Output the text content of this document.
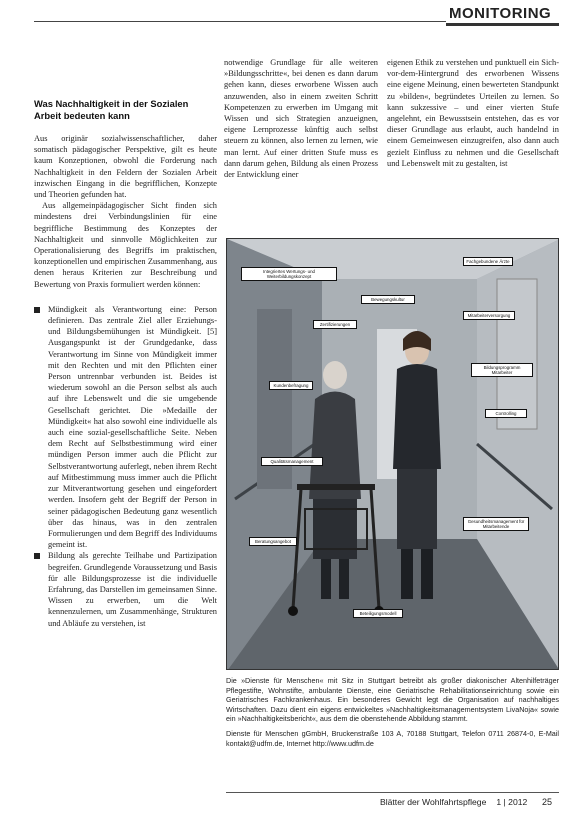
MONITORING
Was Nachhaltigkeit in der Sozialen Arbeit bedeuten kann

Aus originär sozialwissenschaftlicher, daher somatisch pädagogischer Perspektive, gilt es heute kaum Konzeptionen, obwohl die Forderung nach Nachhaltigkeit in den Feldern der Sozialen Arbeit inzwischen Eingang in die begrifflichen, Konzepte und Theorien gefunden hat.

Aus allgemeinpädagogischer Sicht finden sich mindestens drei Verbindungslinien für eine begriffliche Bestimmung des Konzeptes der Nachhaltigkeit und sinnvolle Möglichkeiten zur Operationalisierung des Begriffs im praktischen, konzeptionellen und empirischen Zusammenhang, aus denen heraus Kriterien zur Beschreibung und Bewertung von Praxis formuliert werden können:

Mündigkeit als Verantwortung eine: Person definieren. Das zentrale Ziel aller Erziehungs- und Bildungsbemühungen ist Mündigkeit. [5] Ausgangspunkt ist der Grundgedanke, dass Verantwortung im Sinne von Mündigkeit immer mit den Rechten und mit den Pflichten einer Person untrennbar verbunden ist. Beides ist wiederum sowohl an die Person selbst als auch auf ihre Lebenswelt und die sie umgebende Gesellschaft gerichtet. Die »Medaille der Mündigkeit« hat also sowohl eine individuelle als auch eine sozial-gesellschaftliche Seite. Neben dem Recht auf Selbstbestimmung wird einer mündigen Person immer auch die Pflicht zur Selbstverantwortung auferlegt, neben ihrem Recht auf Mitbestimmung muss immer auch die Pflicht zur Mitverantwortung gesehen und eingefordert werden. Insofern geht der Begriff der Person in seiner pädagogischen Bedeutung ganz wesentlich über das hinaus, was in den zentralen Formulierungen und dem Begriff des Individuums gemeint ist.
Bildung als gerechte Teilhabe und Partizipation begreifen. Grundlegende Voraussetzung und Basis für alle Bildungsprozesse ist die individuelle Erfahrung, das Darstellen im gemeinsamen Sinne. Wissen zu erwerben, um die Welt kennenzulernen, um Zusammenhänge, Strukturen und Abläufe zu verstehen, ist
notwendige Grundlage für alle weiteren »Bildungsschritte«, bei denen es dann darum gehen kann, dieses erworbene Wissen auch anzuwenden, also in einem zweiten Schritt Kompetenzen zu erwerben im Umgang mit Wissen und sich Strategien anzueignen, eigene Lernprozesse künftig auch selbst steuern zu können, also lernen zu lernen, wie man lernt. Auf einer dritten Stufe muss es dann darum gehen, Bildung als einen Prozess der Entwicklung einer
eigenen Ethik zu verstehen und punktuell ein Sich-vor-dem-Hintergrund des erworbenen Wissens eine eigene Meinung, einen bewerteten Standpunkt zu »bilden«, begründetes Urteilen zu lernen. So kann sukzessive – und einer vierten Stufe angelehnt, ein Bewusstsein entstehen, das es vor dieser Grundlage aus erlaubt, auch handelnd in einem Gemeinwesen einzugreifen, also dann auch gezielt Einfluss zu nehmen und die Gesellschaft und Lebenswelt mit zu gestalten, ist
Integriertes Wertungs- und Weiterbildungskonzept
Bewegungskultur
Fachgebundene Ärzte
Zertifizierungen
Mitarbeiterversorgung
Bildungsprogramm Mitarbeiter
Kundenbefragung
Controlling
Qualitätsmanagement
Gesundheitsmanagement für Mitarbeitende
Beratungsangebot
Beteiligungsmodell
Die »Dienste für Menschen« mit Sitz in Stuttgart betreibt als großer diakonischer Altenhilfeträger Pflegestifte, Wohnstifte, ambulante Dienste, eine Geriatrische Rehabilitationseinrichtung sowie ein Geriatrisches Fachkrankenhaus. Ein besonderes Gewicht legt die Organisation auf nachhaltiges Wirtschaften. Dazu dient ein eigens entwickeltes »Nachhaltigkeitsmanagementsystem LivaNoja« sowie ein »Nachhaltigkeitsbericht«, aus dem die obenstehende Abbildung stammt.
Dienste für Menschen gGmbH, Bruckenstraße 103 A, 70188 Stuttgart, Telefon 0711 26874-0, E-Mail kontakt@udfm.de, Internet http://www.udfm.de
Blätter der Wohlfahrtspflege 1 | 2012 25
